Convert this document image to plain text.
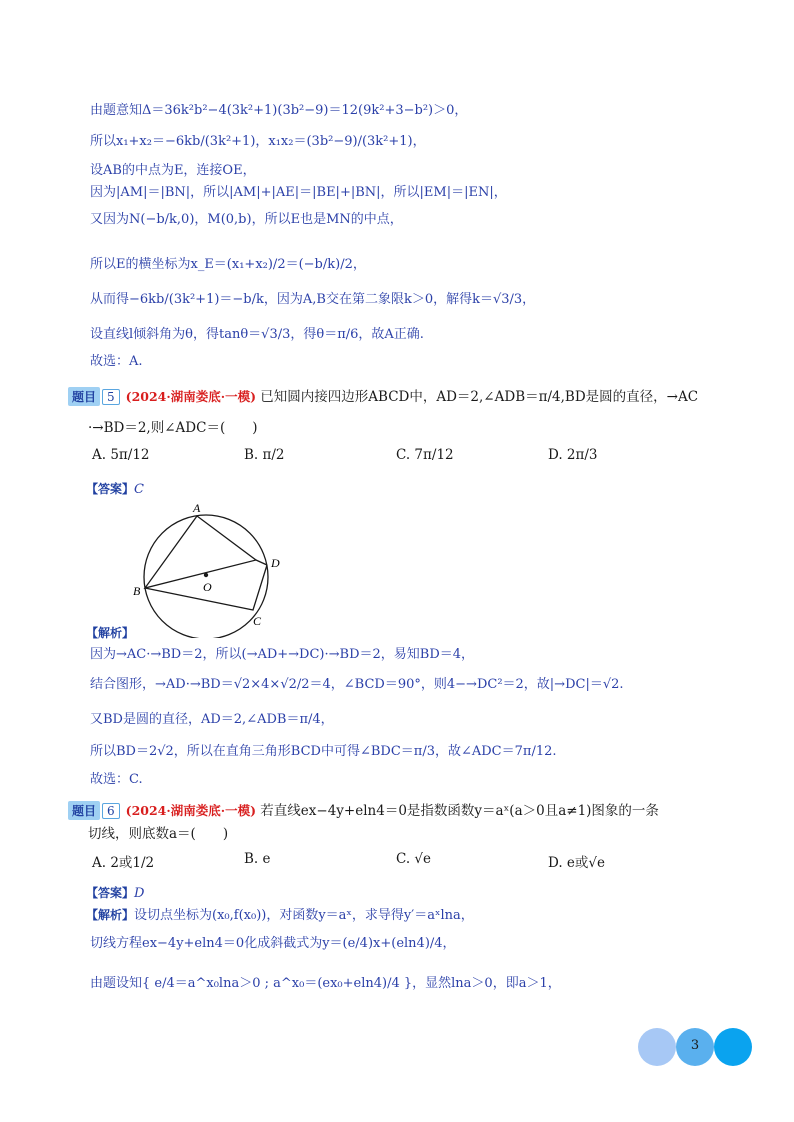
由题意知Δ＝36k²b²−4(3k²+1)(3b²−9)＝12(9k²+3−b²)＞0，
所以x₁+x₂＝−6kb/(3k²+1)，x₁x₂＝(3b²−9)/(3k²+1)，
设AB的中点为E，连接OE，
因为|AM|＝|BN|，所以|AM|+|AE|＝|BE|+|BN|，所以|EM|＝|EN|，
又因为N(−b/k,0)，M(0,b)，所以E也是MN的中点，
所以E的横坐标为x_E＝(x₁+x₂)/2＝(−b/k)/2，
从而得−6kb/(3k²+1)＝−b/k，因为A,B交在第二象限k＞0，解得k＝√3/3，
设直线l倾斜角为θ，得tanθ＝√3/3，得θ＝π/6，故A正确.
故选：A.
题目 5 (2024·湖南娄底·一模) 已知圆内接四边形ABCD中，AD＝2,∠ADB＝π/4,BD是圆的直径，→AC
·→BD＝2,则∠ADC＝(　　)
A. 5π/12	B. π/2	C. 7π/12	D. 2π/3
【答案】C
A
B
C
D
O
【解析】
因为→AC·→BD＝2，所以(→AD+→DC)·→BD＝2，易知BD＝4，
结合图形，→AD·→BD＝√2×4×√2/2＝4，∠BCD＝90°，则4−→DC²＝2，故|→DC|＝√2.
又BD是圆的直径，AD＝2,∠ADB＝π/4，
所以BD＝2√2，所以在直角三角形BCD中可得∠BDC＝π/3，故∠ADC＝7π/12.
故选：C.
题目 6 (2024·湖南娄底·一模) 若直线ex−4y+eln4＝0是指数函数y＝aˣ(a＞0且a≠1)图象的一条
切线，则底数a＝(　　)
A. 2或1/2	B. e	C. √e	D. e或√e
【答案】D
【解析】设切点坐标为(x₀,f(x₀))，对函数y＝aˣ，求导得y′＝aˣlna，
切线方程ex−4y+eln4＝0化成斜截式为y＝(e/4)x+(eln4)/4，
由题设知{ e/4＝a^x₀lna＞0 ; a^x₀＝(ex₀+eln4)/4 }，显然lna＞0，即a＞1，
3
